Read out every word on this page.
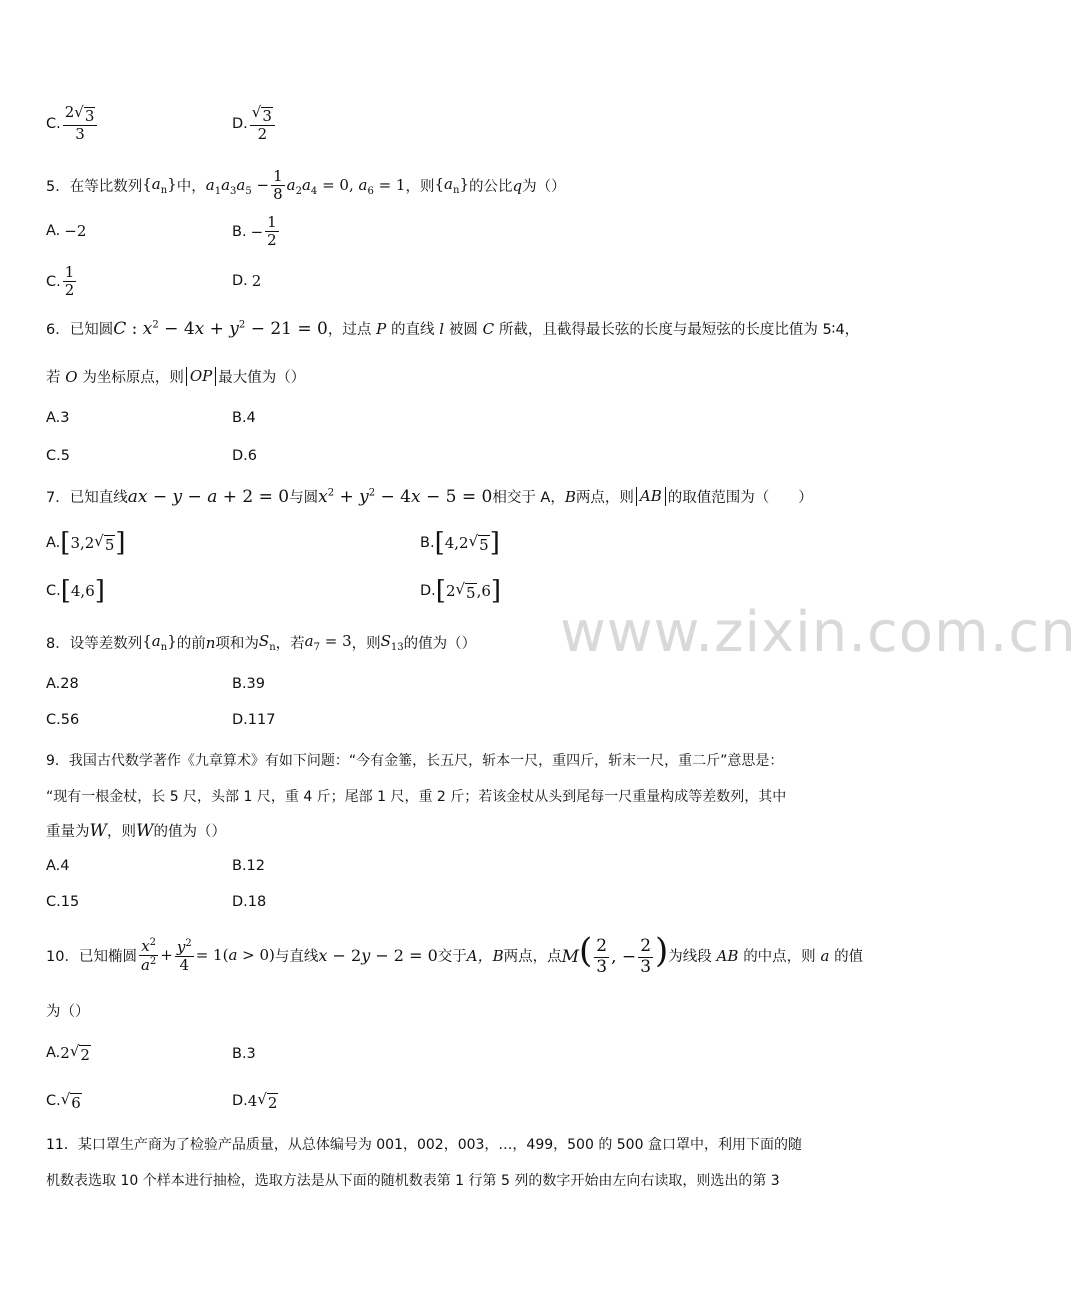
C. $\frac{2 √ 3}{3}$	D. $\frac{√ 3}{2}$
5．在等比数列 $\{a_n\}$ 中， $a_1a_3a_5 - \frac{1}{8} a_2a_4 = 0$, $a_6 = 1$ ，则 $\{a_n\}$ 的公比 q 为（）
A. −2	B. − $\frac{1}{2}$
C. $\frac{1}{2}$	D. 2
6．已知圆 C : $x^2 - 4x + y^2 - 21 = 0$ ，过点 P 的直线 l 被圆 C 所截，且截得最长弦的长度与最短弦的长度比值为 5∶4，
若 O 为坐标原点，则 OP 最大值为（）
A.3	B.4
C.5	D.6
7．已知直线 ax − y − a + 2 = 0 与圆 $x^2 + y^2 - 4x - 5 = 0$ 相交于 A， B 两点，则 AB 的取值范围为（　　）
A. [ 3,2 √ 5 ]	B. [ 4,2 √ 5 ]
C. [ 4,6 ]	D. [ 2 √ 5 ,6 ]
www.zixin.com.cn
8．设等差数列 $\{a_n\}$ 的前 n 项和为 $S_n$ ，若 $a_7 = 3$ ，则 $S_{13}$ 的值为（）
A.28	B.39
C.56	D.117
9．我国古代数学著作《九章算术》有如下问题：“今有金箠，长五尺，斩本一尺，重四斤，斩末一尺，重二斤”意思是：
“现有一根金杖，长 5 尺，头部 1 尺，重 4 斤；尾部 1 尺，重 2 斤；若该金杖从头到尾每一尺重量构成等差数列，其中
重量为 W ，则 W 的值为（）
A.4	B.12
C.15	D.18
10．已知椭圆 $\frac{x^2}{a^2} + \frac{y^2}{4} = 1(a > 0)$ 与直线 x − 2y − 2 = 0 交于 A，B 两点，点 $M( \frac{2}{3}$ , − $\frac{2}{3}$ ) 为线段 AB 的中点，则 a 的值
为（）
A. 2 √ 2	B.3
C. √ 6	D. 4 √ 2
11．某口罩生产商为了检验产品质量，从总体编号为 001，002，003，…，499，500 的 500 盒口罩中，利用下面的随
机数表选取 10 个样本进行抽检，选取方法是从下面的随机数表第 1 行第 5 列的数字开始由左向右读取，则选出的第 3
